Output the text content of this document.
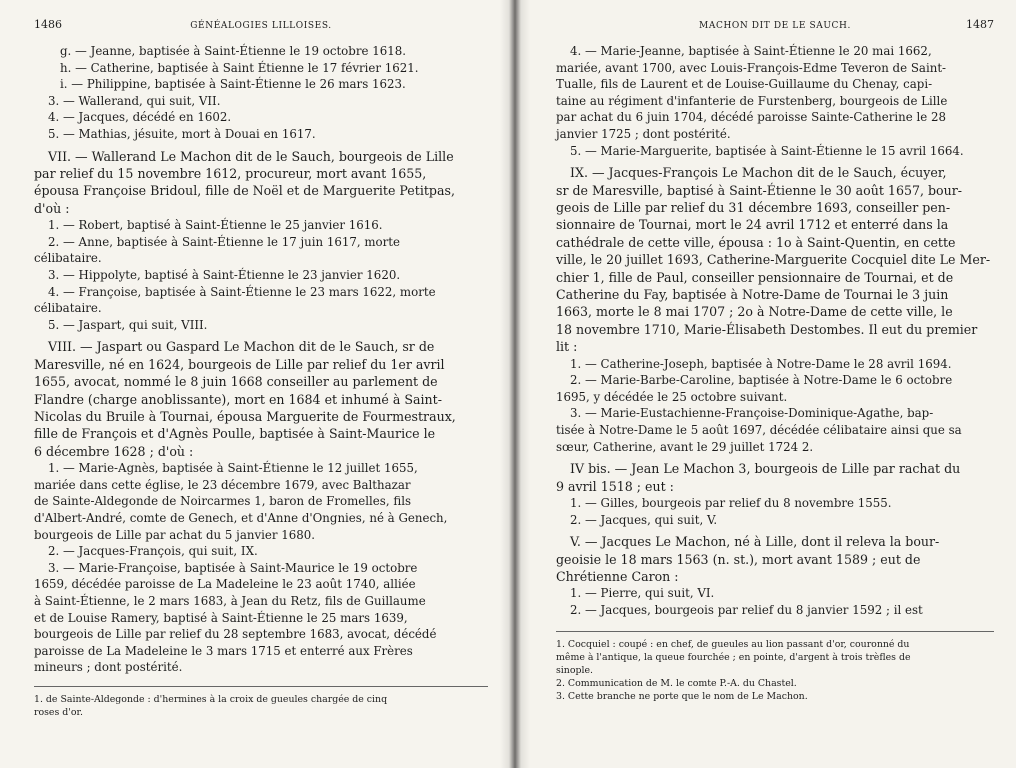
1486	GÉNÉALOGIES LILLOISES.
g. — Jeanne, baptisée à Saint-Étienne le 19 octobre 1618.
h. — Catherine, baptisée à Saint Étienne le 17 février 1621.
i. — Philippine, baptisée à Saint-Étienne le 26 mars 1623.
3. — Wallerand, qui suit, VII.
4. — Jacques, décédé en 1602.
5. — Mathias, jésuite, mort à Douai en 1617.
VII. — Wallerand Le Machon dit de le Sauch, bourgeois de Lille
par relief du 15 novembre 1612, procureur, mort avant 1655,
épousa Françoise Bridoul, fille de Noël et de Marguerite Petitpas,
d'où :
1. — Robert, baptisé à Saint-Étienne le 25 janvier 1616.
2. — Anne, baptisée à Saint-Étienne le 17 juin 1617, morte
célibataire.
3. — Hippolyte, baptisé à Saint-Étienne le 23 janvier 1620.
4. — Françoise, baptisée à Saint-Étienne le 23 mars 1622, morte
célibataire.
5. — Jaspart, qui suit, VIII.
VIII. — Jaspart ou Gaspard Le Machon dit de le Sauch, sr de
Maresville, né en 1624, bourgeois de Lille par relief du 1er avril
1655, avocat, nommé le 8 juin 1668 conseiller au parlement de
Flandre (charge anoblissante), mort en 1684 et inhumé à Saint-
Nicolas du Bruile à Tournai, épousa Marguerite de Fourmestraux,
fille de François et d'Agnès Poulle, baptisée à Saint-Maurice le
6 décembre 1628 ; d'où :
1. — Marie-Agnès, baptisée à Saint-Étienne le 12 juillet 1655,
mariée dans cette église, le 23 décembre 1679, avec Balthazar
de Sainte-Aldegonde de Noircarmes 1, baron de Fromelles, fils
d'Albert-André, comte de Genech, et d'Anne d'Ongnies, né à Genech,
bourgeois de Lille par achat du 5 janvier 1680.
2. — Jacques-François, qui suit, IX.
3. — Marie-Françoise, baptisée à Saint-Maurice le 19 octobre
1659, décédée paroisse de La Madeleine le 23 août 1740, alliée
à Saint-Étienne, le 2 mars 1683, à Jean du Retz, fils de Guillaume
et de Louise Ramery, baptisé à Saint-Étienne le 25 mars 1639,
bourgeois de Lille par relief du 28 septembre 1683, avocat, décédé
paroisse de La Madeleine le 3 mars 1715 et enterré aux Frères
mineurs ; dont postérité.
1. de Sainte-Aldegonde : d'hermines à la croix de gueules chargée de cinq
roses d'or.
MACHON DIT DE LE SAUCH.	1487
4. — Marie-Jeanne, baptisée à Saint-Étienne le 20 mai 1662,
mariée, avant 1700, avec Louis-François-Edme Teveron de Saint-
Tualle, fils de Laurent et de Louise-Guillaume du Chenay, capi-
taine au régiment d'infanterie de Furstenberg, bourgeois de Lille
par achat du 6 juin 1704, décédé paroisse Sainte-Catherine le 28
janvier 1725 ; dont postérité.
5. — Marie-Marguerite, baptisée à Saint-Étienne le 15 avril 1664.
IX. — Jacques-François Le Machon dit de le Sauch, écuyer,
sr de Maresville, baptisé à Saint-Étienne le 30 août 1657, bour-
geois de Lille par relief du 31 décembre 1693, conseiller pen-
sionnaire de Tournai, mort le 24 avril 1712 et enterré dans la
cathédrale de cette ville, épousa : 1o à Saint-Quentin, en cette
ville, le 20 juillet 1693, Catherine-Marguerite Cocquiel dite Le Mer-
chier 1, fille de Paul, conseiller pensionnaire de Tournai, et de
Catherine du Fay, baptisée à Notre-Dame de Tournai le 3 juin
1663, morte le 8 mai 1707 ; 2o à Notre-Dame de cette ville, le
18 novembre 1710, Marie-Élisabeth Destombes. Il eut du premier
lit :
1. — Catherine-Joseph, baptisée à Notre-Dame le 28 avril 1694.
2. — Marie-Barbe-Caroline, baptisée à Notre-Dame le 6 octobre
1695, y décédée le 25 octobre suivant.
3. — Marie-Eustachienne-Françoise-Dominique-Agathe, bap-
tisée à Notre-Dame le 5 août 1697, décédée célibataire ainsi que sa
sœur, Catherine, avant le 29 juillet 1724 2.
IV bis. — Jean Le Machon 3, bourgeois de Lille par rachat du
9 avril 1518 ; eut :
1. — Gilles, bourgeois par relief du 8 novembre 1555.
2. — Jacques, qui suit, V.
V. — Jacques Le Machon, né à Lille, dont il releva la bour-
geoisie le 18 mars 1563 (n. st.), mort avant 1589 ; eut de
Chrétienne Caron :
1. — Pierre, qui suit, VI.
2. — Jacques, bourgeois par relief du 8 janvier 1592 ; il est
1. Cocquiel : coupé : en chef, de gueules au lion passant d'or, couronné du
même à l'antique, la queue fourchée ; en pointe, d'argent à trois trèfles de
sinople.
2. Communication de M. le comte P.-A. du Chastel.
3. Cette branche ne porte que le nom de Le Machon.
